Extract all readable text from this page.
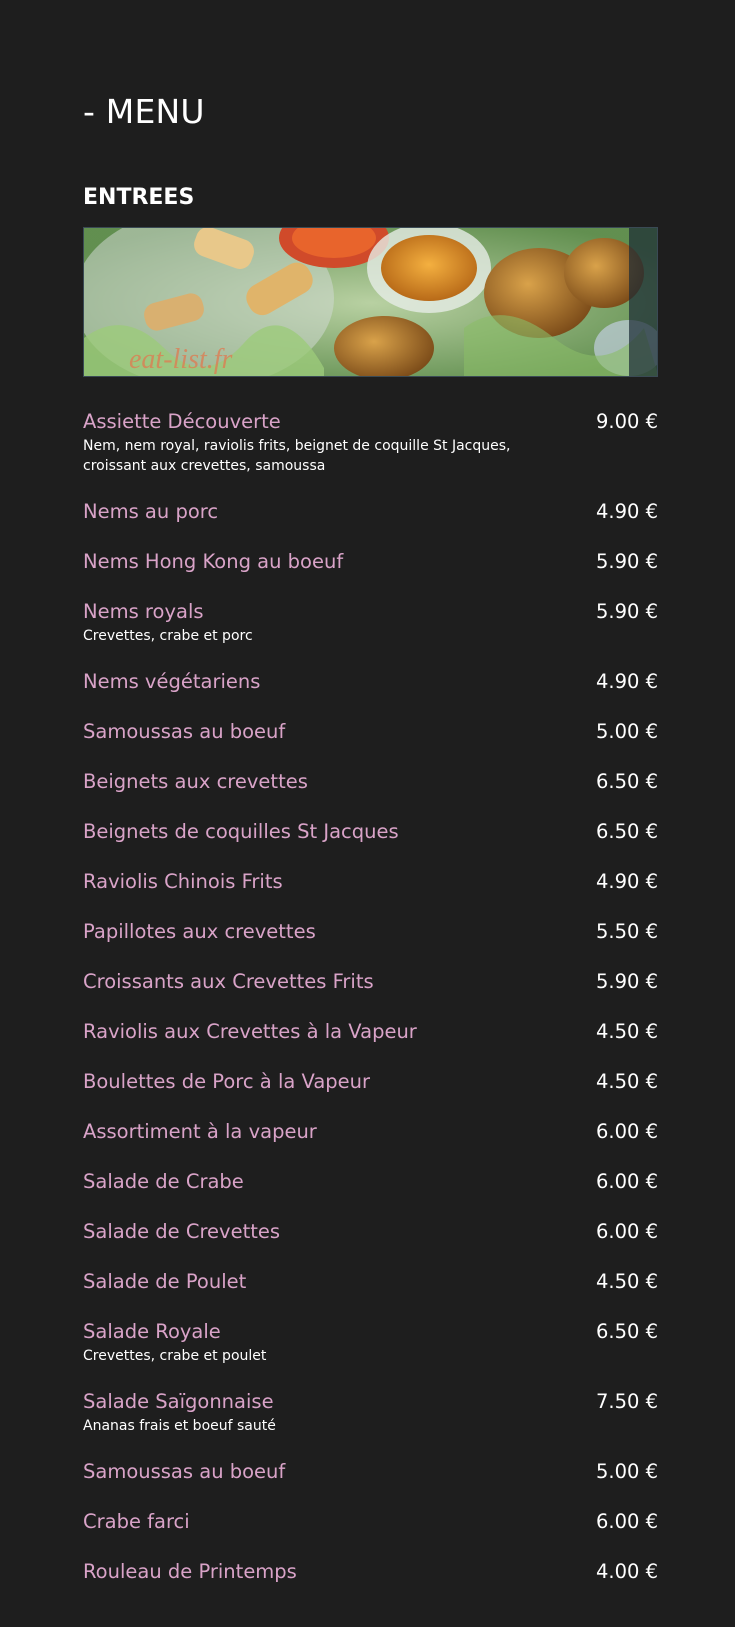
- MENU
ENTREES
eat-list.fr
Assiette Découverte	9.00 €
Nem, nem royal, raviolis frits, beignet de coquille St Jacques, croissant aux crevettes, samoussa
Nems au porc	4.90 €
Nems Hong Kong au boeuf	5.90 €
Nems royals	5.90 €
Crevettes, crabe et porc
Nems végétariens	4.90 €
Samoussas au boeuf	5.00 €
Beignets aux crevettes	6.50 €
Beignets de coquilles St Jacques	6.50 €
Raviolis Chinois Frits	4.90 €
Papillotes aux crevettes	5.50 €
Croissants aux Crevettes Frits	5.90 €
Raviolis aux Crevettes à la Vapeur	4.50 €
Boulettes de Porc à la Vapeur	4.50 €
Assortiment à la vapeur	6.00 €
Salade de Crabe	6.00 €
Salade de Crevettes	6.00 €
Salade de Poulet	4.50 €
Salade Royale	6.50 €
Crevettes, crabe et poulet
Salade Saïgonnaise	7.50 €
Ananas frais et boeuf sauté
Samoussas au boeuf	5.00 €
Crabe farci	6.00 €
Rouleau de Printemps	4.00 €
